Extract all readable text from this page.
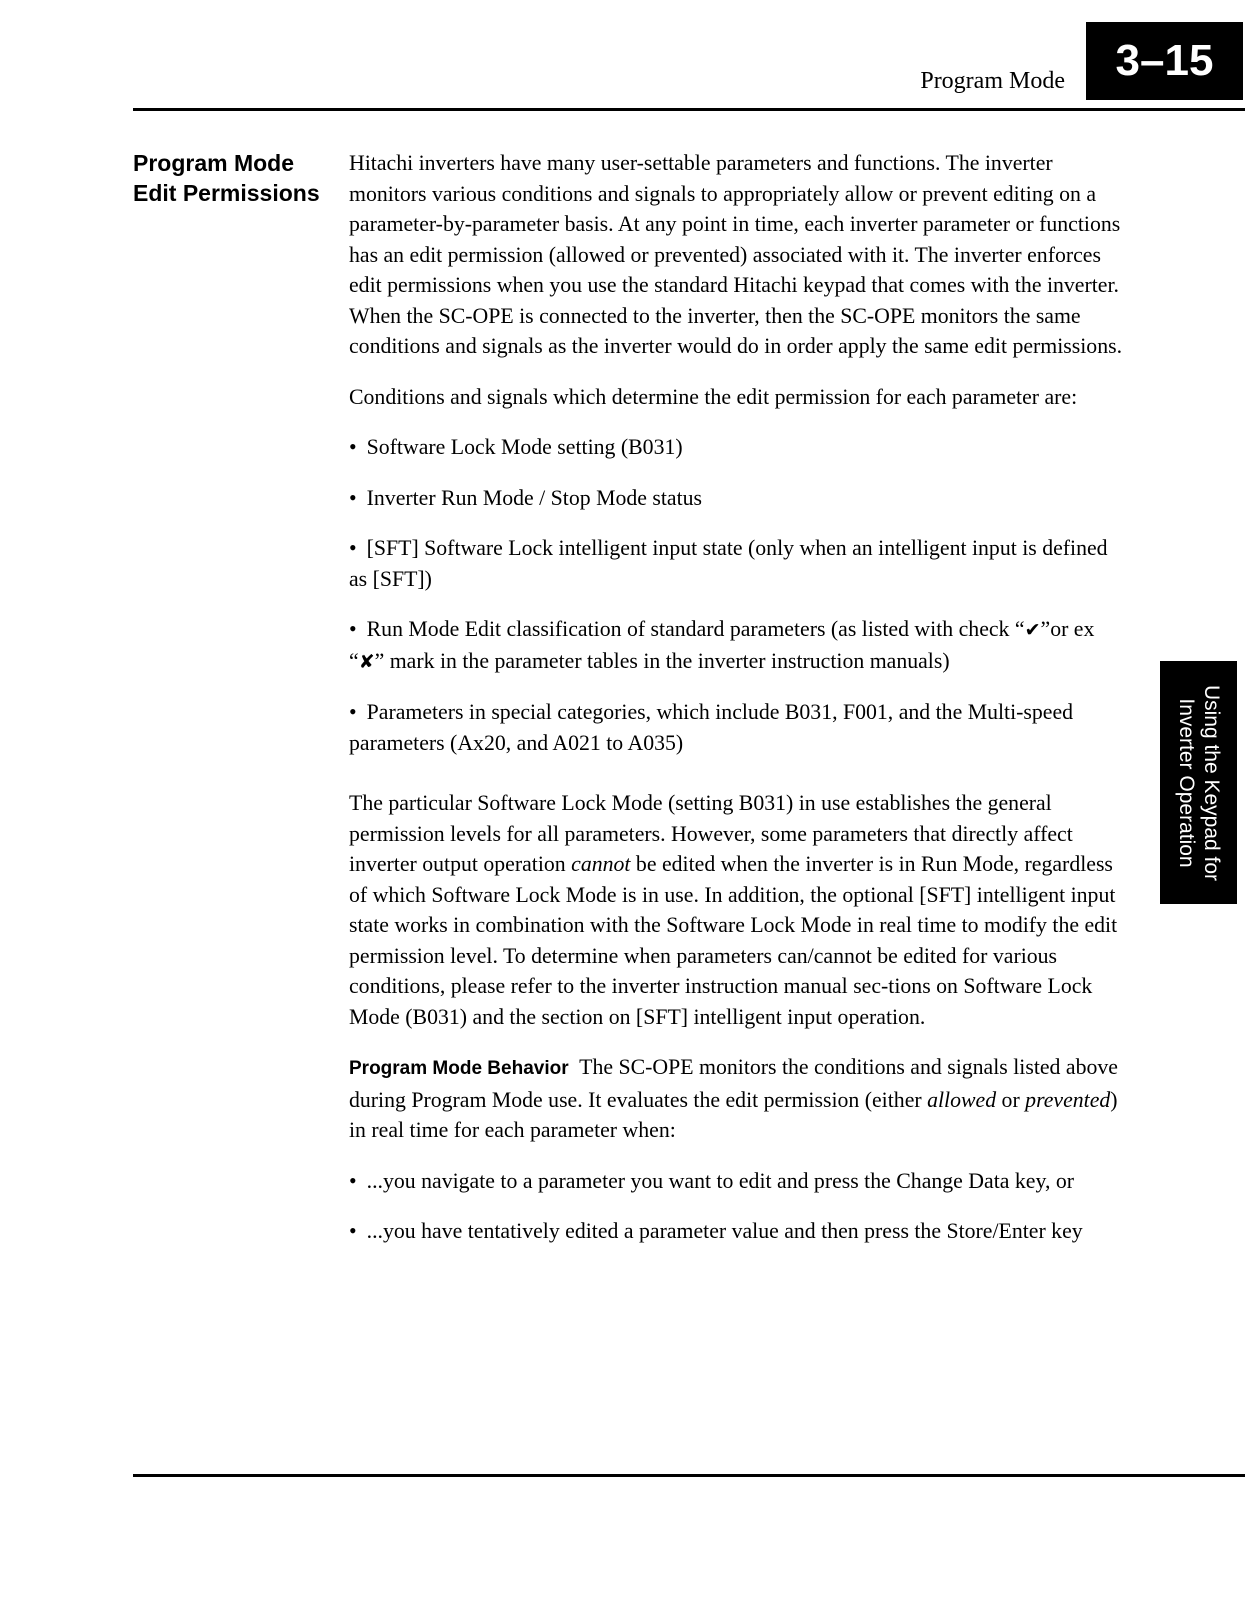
Program Mode	3–15
Using the Keypad for
Inverter Operation
Program Mode
Edit Permissions

Hitachi inverters have many user-settable parameters and functions. The inverter monitors various conditions and signals to appropriately allow or prevent editing on a parameter-by-parameter basis. At any point in time, each inverter parameter or functions has an edit permission (allowed or prevented) associated with it. The inverter enforces edit permissions when you use the standard Hitachi keypad that comes with the inverter. When the SC-OPE is connected to the inverter, then the SC-OPE monitors the same conditions and signals as the inverter would do in order apply the same edit permissions.

Conditions and signals which determine the edit permission for each parameter are:

• Software Lock Mode setting (B031)

• Inverter Run Mode / Stop Mode status

• [SFT] Software Lock intelligent input state (only when an intelligent input is defined as [SFT])

• Run Mode Edit classification of standard parameters (as listed with check “✔”or ex “✘” mark in the parameter tables in the inverter instruction manuals)

• Parameters in special categories, which include B031, F001, and the Multi-speed parameters (Ax20, and A021 to A035)

The particular Software Lock Mode (setting B031) in use establishes the general permission levels for all parameters. However, some parameters that directly affect inverter output operation cannot be edited when the inverter is in Run Mode, regardless of which Software Lock Mode is in use. In addition, the optional [SFT] intelligent input state works in combination with the Software Lock Mode in real time to modify the edit permission level. To determine when parameters can/cannot be edited for various conditions, please refer to the inverter instruction manual sec-tions on Software Lock Mode (B031) and the section on [SFT] intelligent input operation.

Program Mode Behavior The SC-OPE monitors the conditions and signals listed above during Program Mode use. It evaluates the edit permission (either allowed or prevented) in real time for each parameter when:

• ...you navigate to a parameter you want to edit and press the Change Data key, or

• ...you have tentatively edited a parameter value and then press the Store/Enter key
